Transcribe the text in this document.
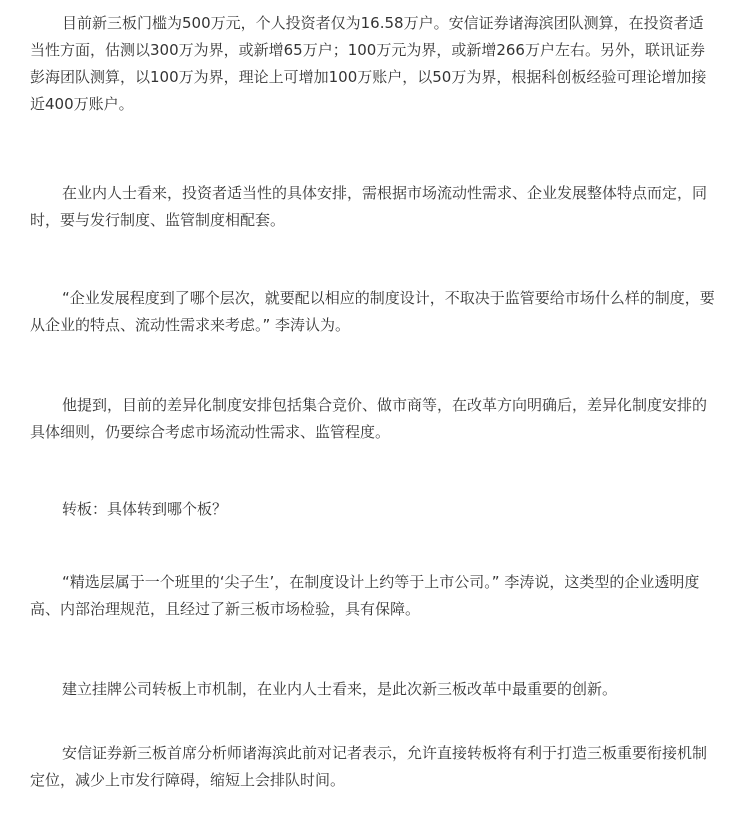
目前新三板门槛为500万元，个人投资者仅为16.58万户。安信证券诸海滨团队测算，在投资者适当性方面，估测以300万为界，或新增65万户；100万元为界，或新增266万户左右。另外，联讯证券彭海团队测算，以100万为界，理论上可增加100万账户，以50万为界，根据科创板经验可理论增加接近400万账户。

在业内人士看来，投资者适当性的具体安排，需根据市场流动性需求、企业发展整体特点而定，同时，要与发行制度、监管制度相配套。

“企业发展程度到了哪个层次，就要配以相应的制度设计，不取决于监管要给市场什么样的制度，要从企业的特点、流动性需求来考虑。” 李涛认为。

他提到，目前的差异化制度安排包括集合竞价、做市商等，在改革方向明确后，差异化制度安排的具体细则，仍要综合考虑市场流动性需求、监管程度。

转板：具体转到哪个板？

“精选层属于一个班里的‘尖子生’，在制度设计上约等于上市公司。” 李涛说，这类型的企业透明度高、内部治理规范，且经过了新三板市场检验，具有保障。

建立挂牌公司转板上市机制，在业内人士看来，是此次新三板改革中最重要的创新。

安信证券新三板首席分析师诸海滨此前对记者表示，允许直接转板将有利于打造三板重要衔接机制定位，减少上市发行障碍，缩短上会排队时间。
